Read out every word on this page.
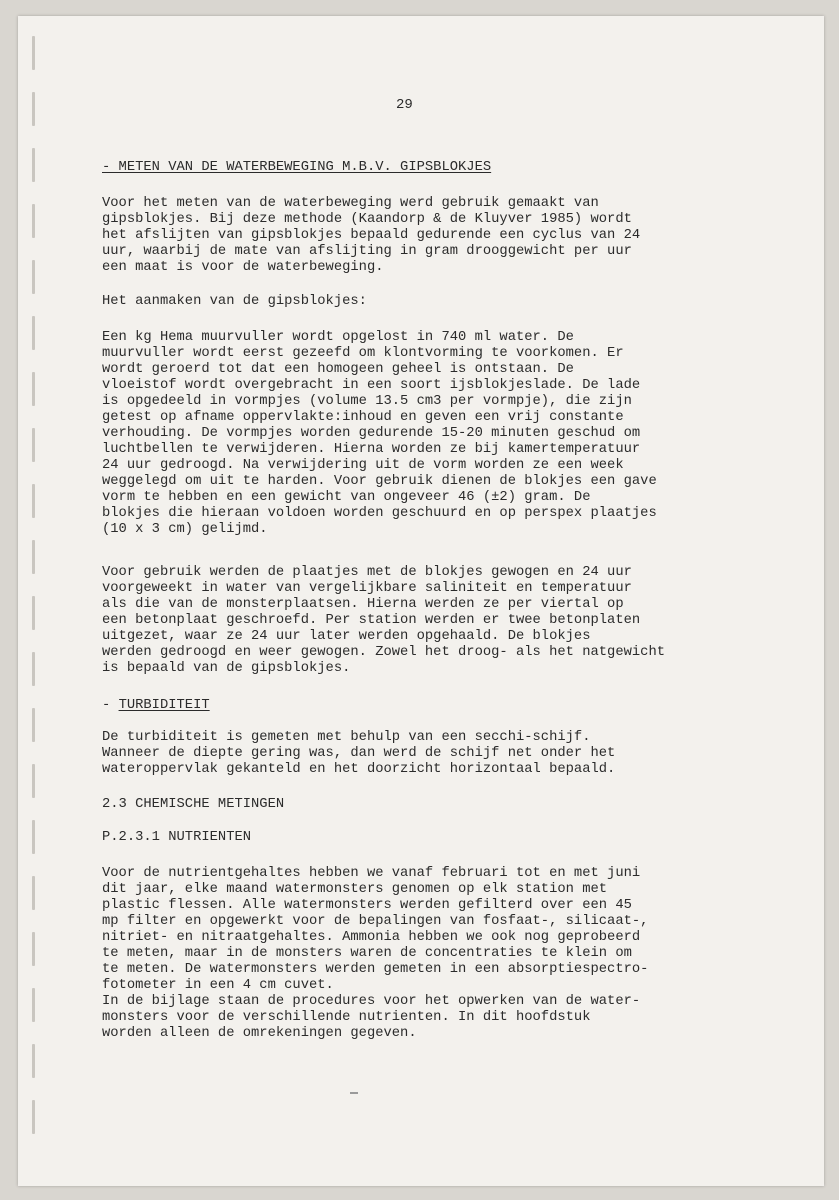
29
- METEN VAN DE WATERBEWEGING M.B.V. GIPSBLOKJES
Voor het meten van de waterbeweging werd gebruik gemaakt van
gipsblokjes. Bij deze methode (Kaandorp & de Kluyver 1985) wordt
het afslijten van gipsblokjes bepaald gedurende een cyclus van 24
uur, waarbij de mate van afslijting in gram drooggewicht per uur
een maat is voor de waterbeweging.
Het aanmaken van de gipsblokjes:
Een kg Hema muurvuller wordt opgelost in 740 ml water. De
muurvuller wordt eerst gezeefd om klontvorming te voorkomen. Er
wordt geroerd tot dat een homogeen geheel is ontstaan. De
vloeistof wordt overgebracht in een soort ijsblokjeslade. De lade
is opgedeeld in vormpjes (volume 13.5 cm3 per vormpje), die zijn
getest op afname oppervlakte:inhoud en geven een vrij constante
verhouding. De vormpjes worden gedurende 15-20 minuten geschud om
luchtbellen te verwijderen. Hierna worden ze bij kamertemperatuur
24 uur gedroogd. Na verwijdering uit de vorm worden ze een week
weggelegd om uit te harden. Voor gebruik dienen de blokjes een gave
vorm te hebben en een gewicht van ongeveer 46 (±2) gram. De
blokjes die hieraan voldoen worden geschuurd en op perspex plaatjes
(10 x 3 cm) gelijmd.
Voor gebruik werden de plaatjes met de blokjes gewogen en 24 uur
voorgeweekt in water van vergelijkbare saliniteit en temperatuur
als die van de monsterplaatsen. Hierna werden ze per viertal op
een betonplaat geschroefd. Per station werden er twee betonplaten
uitgezet, waar ze 24 uur later werden opgehaald. De blokjes
werden gedroogd en weer gewogen. Zowel het droog- als het natgewicht
is bepaald van de gipsblokjes.
- TURBIDITEIT
De turbiditeit is gemeten met behulp van een secchi-schijf.
Wanneer de diepte gering was, dan werd de schijf net onder het
wateroppervlak gekanteld en het doorzicht horizontaal bepaald.
2.3 CHEMISCHE METINGEN
P.2.3.1 NUTRIENTEN
Voor de nutrientgehaltes hebben we vanaf februari tot en met juni
dit jaar, elke maand watermonsters genomen op elk station met
plastic flessen. Alle watermonsters werden gefilterd over een 45
mp filter en opgewerkt voor de bepalingen van fosfaat-, silicaat-,
nitriet- en nitraatgehaltes. Ammonia hebben we ook nog geprobeerd
te meten, maar in de monsters waren de concentraties te klein om
te meten. De watermonsters werden gemeten in een absorptiespectro-
fotometer in een 4 cm cuvet.
In de bijlage staan de procedures voor het opwerken van de water-
monsters voor de verschillende nutrienten. In dit hoofdstuk
worden alleen de omrekeningen gegeven.
